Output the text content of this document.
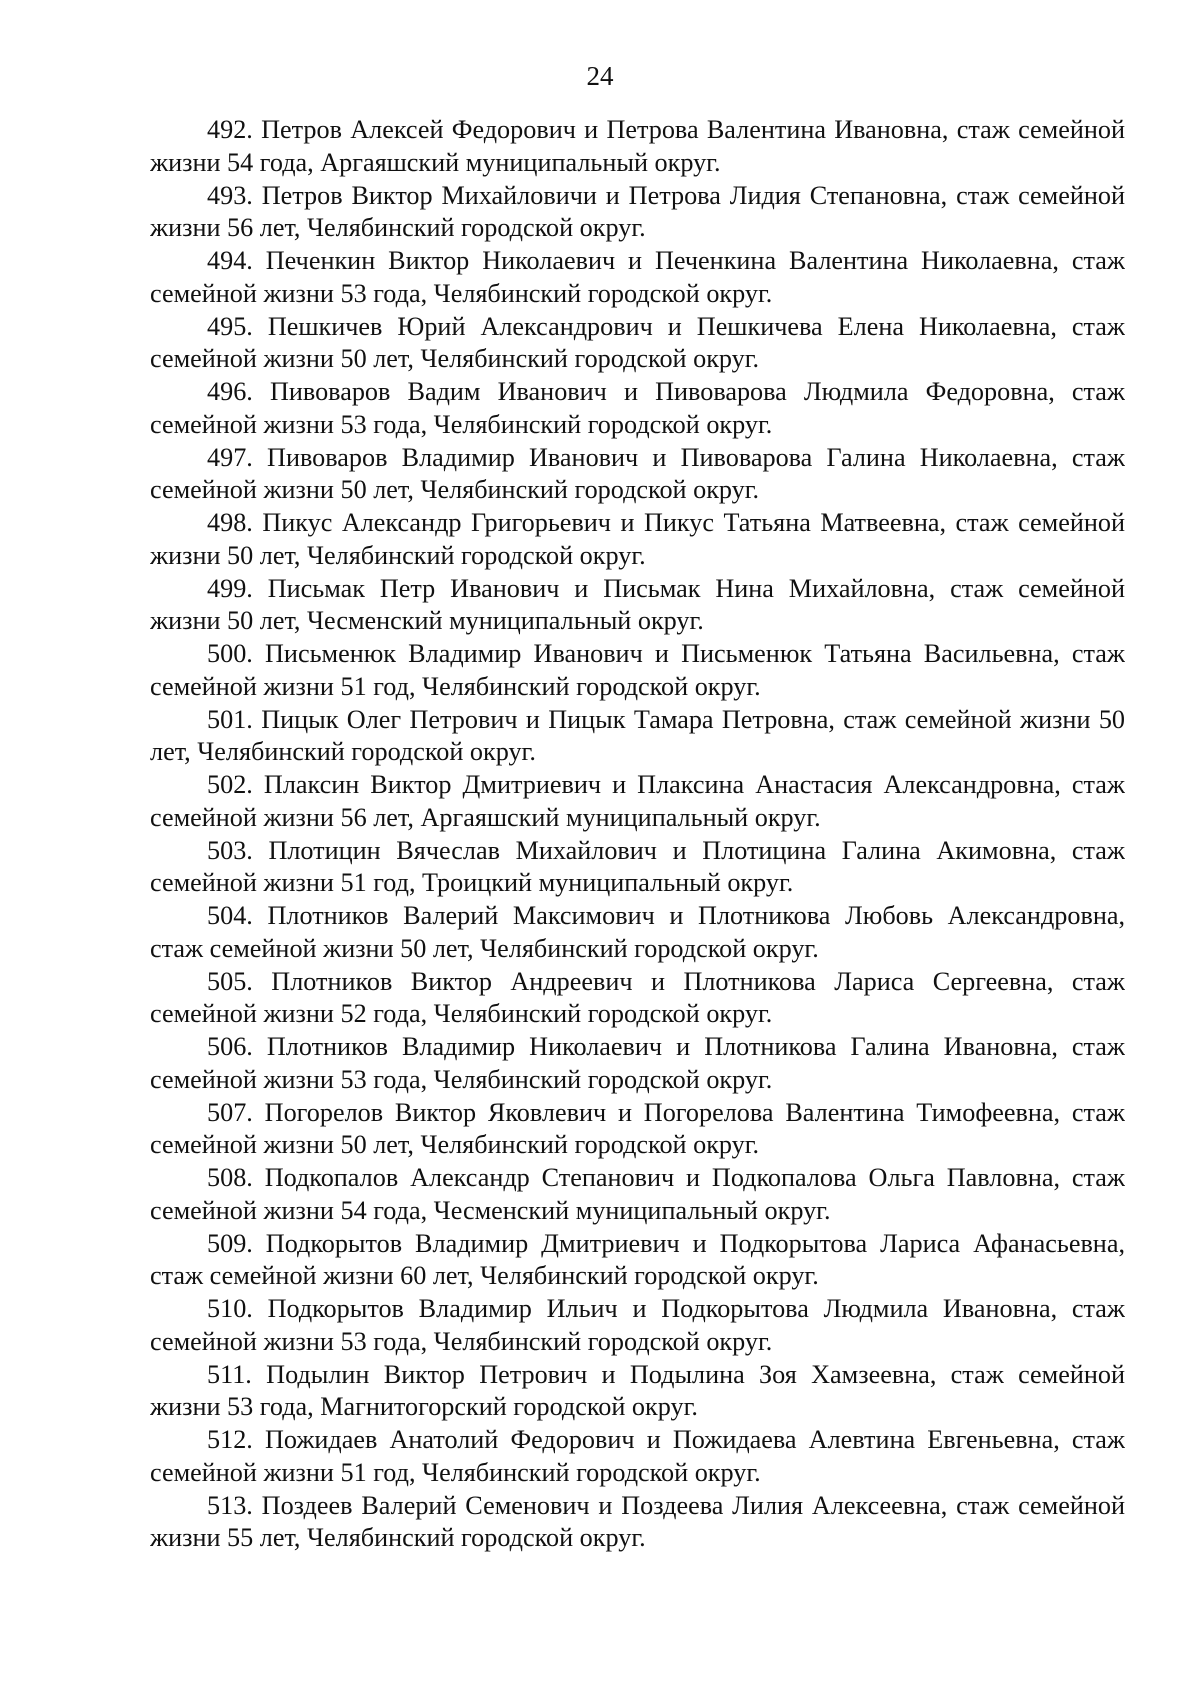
24

492. Петров Алексей Федорович и Петрова Валентина Ивановна, стаж семейной жизни 54 года, Аргаяшский муниципальный округ.

493. Петров Виктор Михайловичи и Петрова Лидия Степановна, стаж семейной жизни 56 лет, Челябинский городской округ.

494. Печенкин Виктор Николаевич и Печенкина Валентина Николаевна, стаж семейной жизни 53 года, Челябинский городской округ.

495. Пешкичев Юрий Александрович и Пешкичева Елена Николаевна, стаж семейной жизни 50 лет, Челябинский городской округ.

496. Пивоваров Вадим Иванович и Пивоварова Людмила Федоровна, стаж семейной жизни 53 года, Челябинский городской округ.

497. Пивоваров Владимир Иванович и Пивоварова Галина Николаевна, стаж семейной жизни 50 лет, Челябинский городской округ.

498. Пикус Александр Григорьевич и Пикус Татьяна Матвеевна, стаж семейной жизни 50 лет, Челябинский городской округ.

499. Письмак Петр Иванович и Письмак Нина Михайловна, стаж семейной жизни 50 лет, Чесменский муниципальный округ.

500. Письменюк Владимир Иванович и Письменюк Татьяна Васильевна, стаж семейной жизни 51 год, Челябинский городской округ.

501. Пицык Олег Петрович и Пицык Тамара Петровна, стаж семейной жизни 50 лет, Челябинский городской округ.

502. Плаксин Виктор Дмитриевич и Плаксина Анастасия Александровна, стаж семейной жизни 56 лет, Аргаяшский муниципальный округ.

503. Плотицин Вячеслав Михайлович и Плотицина Галина Акимовна, стаж семейной жизни 51 год, Троицкий муниципальный округ.

504. Плотников Валерий Максимович и Плотникова Любовь Александровна, стаж семейной жизни 50 лет, Челябинский городской округ.

505. Плотников Виктор Андреевич и Плотникова Лариса Сергеевна, стаж семейной жизни 52 года, Челябинский городской округ.

506. Плотников Владимир Николаевич и Плотникова Галина Ивановна, стаж семейной жизни 53 года, Челябинский городской округ.

507. Погорелов Виктор Яковлевич и Погорелова Валентина Тимофеевна, стаж семейной жизни 50 лет, Челябинский городской округ.

508. Подкопалов Александр Степанович и Подкопалова Ольга Павловна, стаж семейной жизни 54 года, Чесменский муниципальный округ.

509. Подкорытов Владимир Дмитриевич и Подкорытова Лариса Афанасьевна, стаж семейной жизни 60 лет, Челябинский городской округ.

510. Подкорытов Владимир Ильич и Подкорытова Людмила Ивановна, стаж семейной жизни 53 года, Челябинский городской округ.

511. Подылин Виктор Петрович и Подылина Зоя Хамзеевна, стаж семейной жизни 53 года, Магнитогорский городской округ.

512. Пожидаев Анатолий Федорович и Пожидаева Алевтина Евгеньевна, стаж семейной жизни 51 год, Челябинский городской округ.

513. Поздеев Валерий Семенович и Поздеева Лилия Алексеевна, стаж семейной жизни 55 лет, Челябинский городской округ.
